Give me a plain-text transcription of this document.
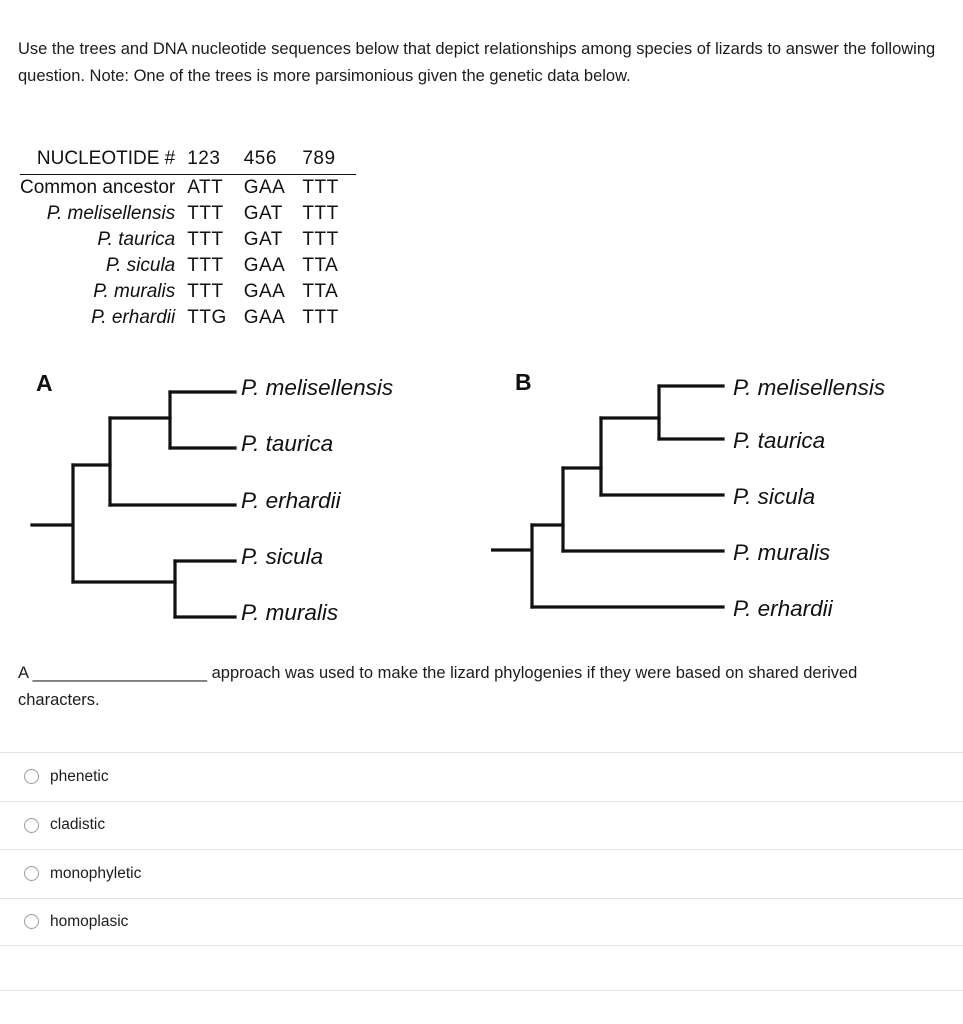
Use the trees and DNA nucleotide sequences below that depict relationships among species of lizards to answer the following question. Note: One of the trees is more parsimonious given the genetic data below.
NUCLEOTIDE #	123	456	789
Common ancestor	ATT	GAA	TTT
P. melisellensis	TTT	GAT	TTT
P. taurica	TTT	GAT	TTT
P. sicula	TTT	GAA	TTA
P. muralis	TTT	GAA	TTA
P. erhardii	TTG	GAA	TTT
A	B
P. melisellensis
P. taurica
P. erhardii
P. sicula
P. muralis
P. melisellensis
P. taurica
P. sicula
P. muralis
P. erhardii
A ___________________ approach was used to make the lizard phylogenies if they were based on shared derived characters.
phenetic
cladistic
monophyletic
homoplasic
